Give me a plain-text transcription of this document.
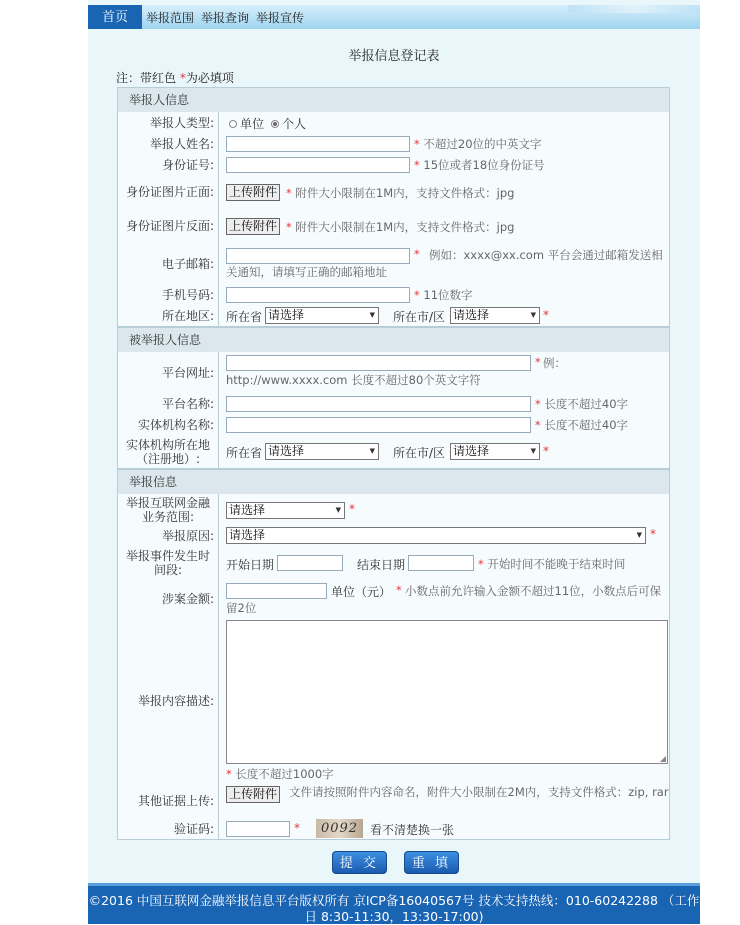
首页	举报范围 举报查询 举报宣传
举报信息登记表
注：带红色 *为必填项
举报人信息
举报人类型:	单位 个人
举报人姓名:	* 不超过20位的中英文字
身份证号:	* 15位或者18位身份证号
身份证图片正面:	上传附件 * 附件大小限制在1M内，支持文件格式：jpg
身份证图片反面:	上传附件 * 附件大小限制在1M内，支持文件格式：jpg
电子邮箱:
* 例如：xxxx@xx.com 平台会通过邮箱发送相关通知，请填写正确的邮箱地址
手机号码:	* 11位数字
所在地区:	所在省 请选择	▼ 所在市/区 请选择	▼ *
被举报人信息
平台网址:
* 例：http://www.xxxx.com 长度不超过80个英文字符
平台名称:	* 长度不超过40字
实体机构名称:	* 长度不超过40字
实体机构所在地（注册地）:	所在省 请选择	▼ 所在市/区 请选择	▼ *
举报信息
举报互联网金融业务范围:	请选择	▼ *
举报原因:	请选择	▼ *
举报事件发生时间段:	开始日期	结束日期	* 开始时间不能晚于结束时间
涉案金额:	单位（元） * 小数点前允许输入金额不超过11位，小数点后可保留2位
举报内容描述:
◢
* 长度不超过1000字
其他证据上传:	上传附件	文件请按照附件内容命名，附件大小限制在2M内，支持文件格式：zip, rar
验证码:	*	0092 看不清楚换一张
提 交	重 填
©2016 中国互联网金融举报信息平台版权所有 京ICP备16040567号 技术支持热线：010-60242288 （工作日 8:30-11:30，13:30-17:00)
